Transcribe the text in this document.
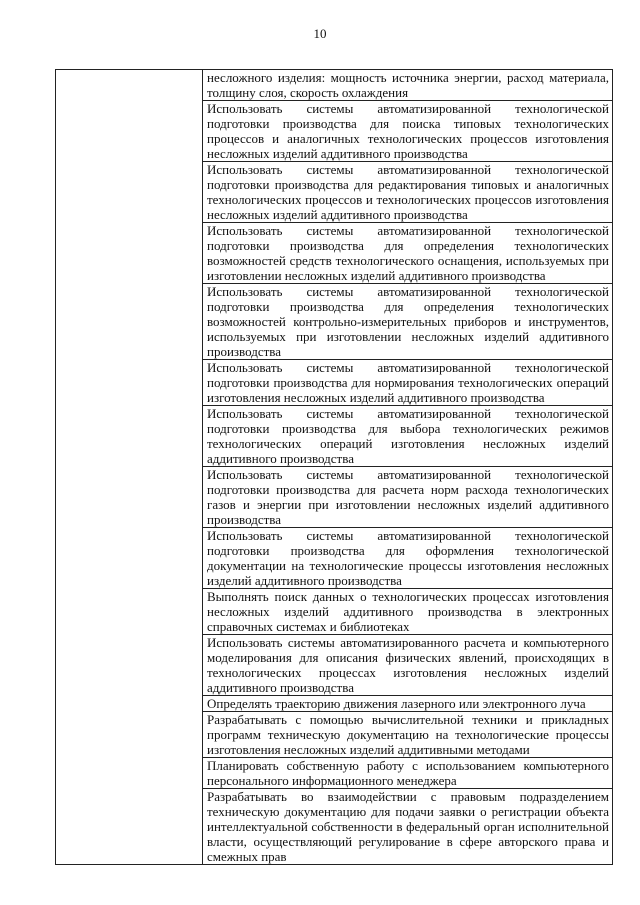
10

несложного изделия: мощность источника энергии, расход материала, толщину слоя, скорость охлаждения

Использовать системы автоматизированной технологической подготовки производства для поиска типовых технологических процессов и аналогичных технологических процессов изготовления несложных изделий аддитивного производства

Использовать системы автоматизированной технологической подготовки производства для редактирования типовых и аналогичных технологических процессов и технологических процессов изготовления несложных изделий аддитивного производства

Использовать системы автоматизированной технологической подготовки производства для определения технологических возможностей средств технологического оснащения, используемых при изготовлении несложных изделий аддитивного производства

Использовать системы автоматизированной технологической подготовки производства для определения технологических возможностей контрольно-измерительных приборов и инструментов, используемых при изготовлении несложных изделий аддитивного производства

Использовать системы автоматизированной технологической подготовки производства для нормирования технологических операций изготовления несложных изделий аддитивного производства

Использовать системы автоматизированной технологической подготовки производства для выбора технологических режимов технологических операций изготовления несложных изделий аддитивного производства

Использовать системы автоматизированной технологической подготовки производства для расчета норм расхода технологических газов и энергии при изготовлении несложных изделий аддитивного производства

Использовать системы автоматизированной технологической подготовки производства для оформления технологической документации на технологические процессы изготовления несложных изделий аддитивного производства

Выполнять поиск данных о технологических процессах изготовления несложных изделий аддитивного производства в электронных справочных системах и библиотеках

Использовать системы автоматизированного расчета и компьютерного моделирования для описания физических явлений, происходящих в технологических процессах изготовления несложных изделий аддитивного производства

Определять траекторию движения лазерного или электронного луча

Разрабатывать с помощью вычислительной техники и прикладных программ техническую документацию на технологические процессы изготовления несложных изделий аддитивными методами

Планировать собственную работу с использованием компьютерного персонального информационного менеджера

Разрабатывать во взаимодействии с правовым подразделением техническую документацию для подачи заявки о регистрации объекта интеллектуальной собственности в федеральный орган исполнительной власти, осуществляющий регулирование в сфере авторского права и смежных прав
